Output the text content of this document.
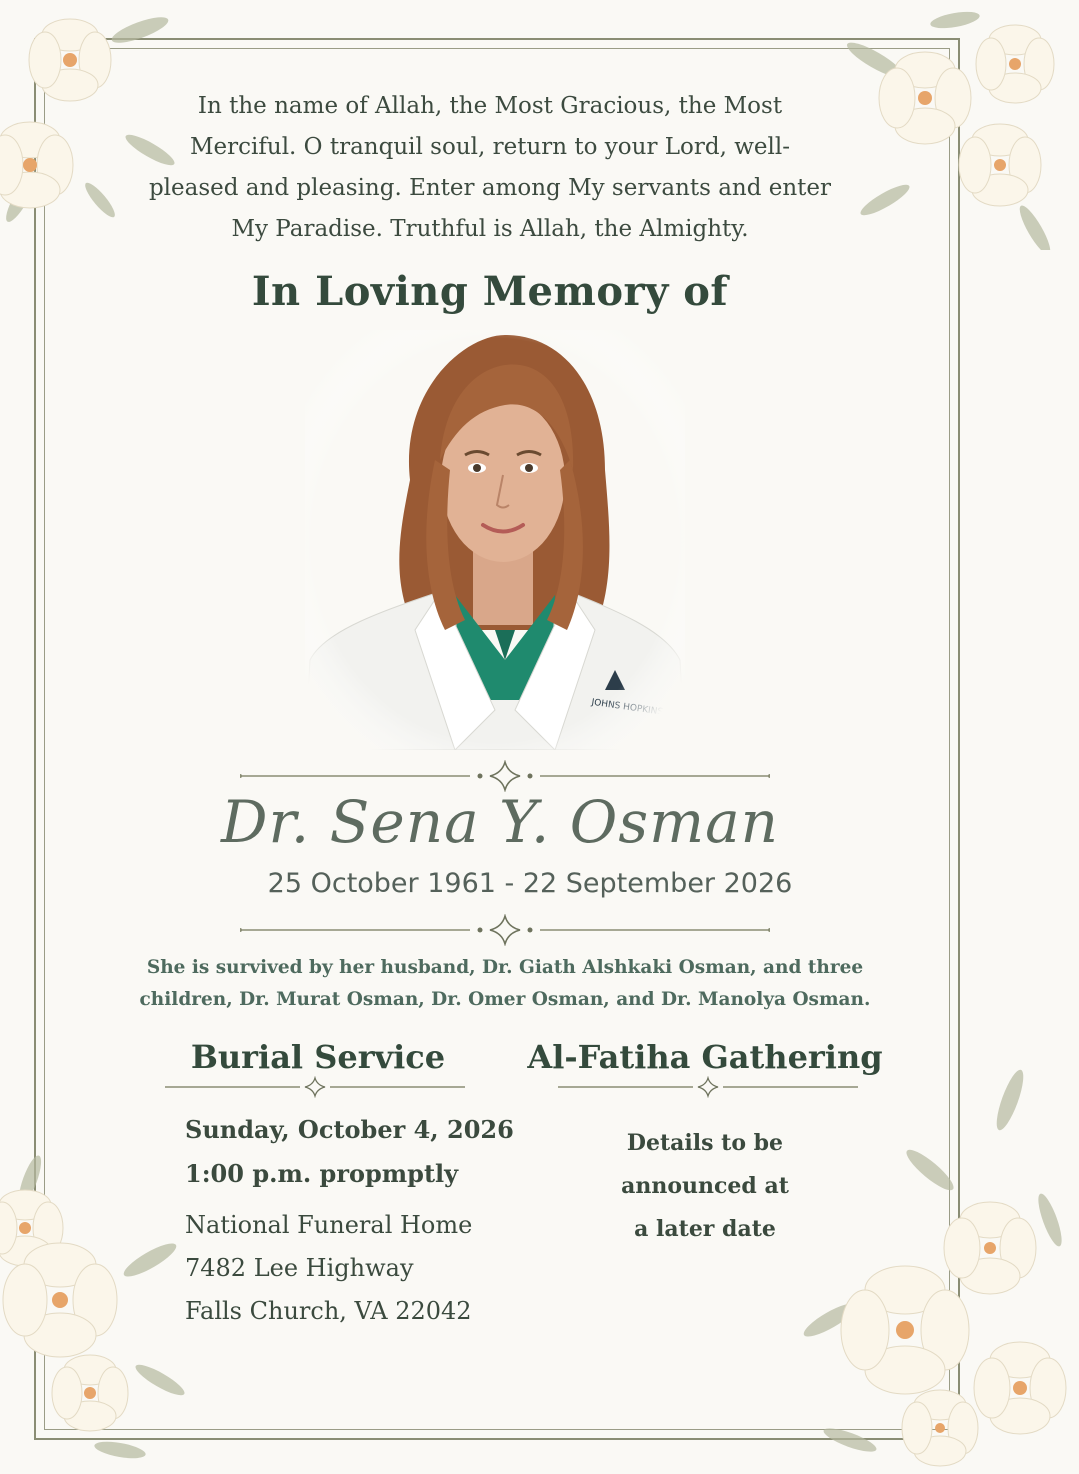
In the name of Allah, the Most Gracious, the Most
Merciful. O tranquil soul, return to your Lord, well-
pleased and pleasing. Enter among My servants and enter
My Paradise. Truthful is Allah, the Almighty.
In Loving Memory of
Dr. Sena Y. Osman
25 October 1961 - 22 September 2026
She is survived by her husband, Dr. Giath Alshkaki Osman, and three
children, Dr. Murat Osman, Dr. Omer Osman, and Dr. Manolya Osman.
Burial Service
Sunday, October 4, 2026
1:00 p.m. propmptly
National Funeral Home
7482 Lee Highway
Falls Church, VA 22042
Al-Fatiha Gathering
Details to be
announced at
a later date
